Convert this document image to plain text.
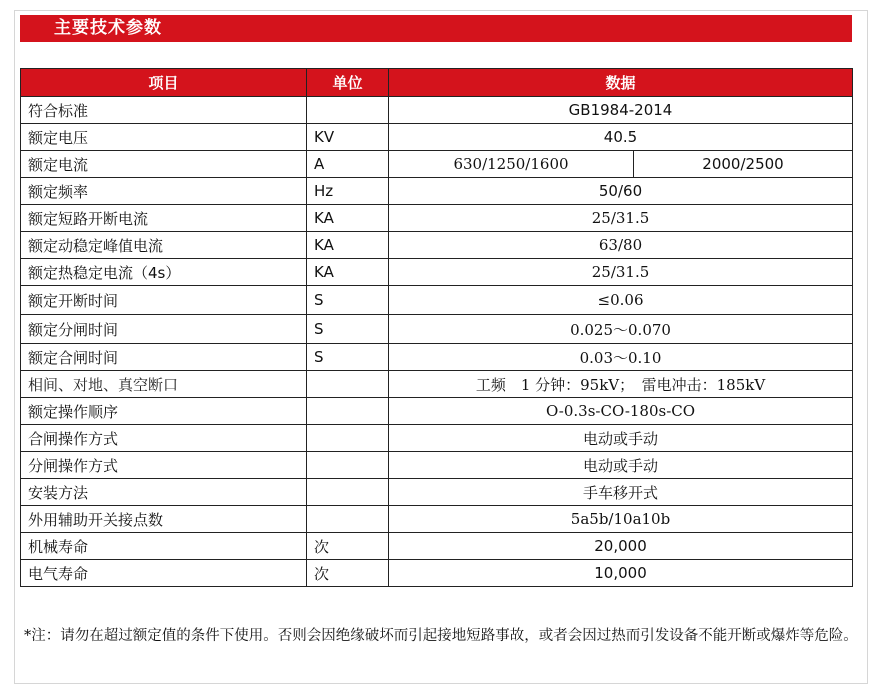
主要技术参数
项目	单位	数据	
符合标准		GB1984-2014	
额定电压	KV	40.5	
额定电流	A	630/1250/1600	2000/2500
额定频率	Hz	50/60	
额定短路开断电流	KA	25/31.5	
额定动稳定峰值电流	KA	63/80	
额定热稳定电流（4s）	KA	25/31.5	
额定开断时间	S	≤0.06	
额定分闸时间	S	0.025～0.070	
额定合闸时间	S	0.03～0.10	
相间、对地、真空断口		工频　1 分钟：95kV；　雷电冲击：185kV	
额定操作顺序		O-0.3s-CO-180s-CO	
合闸操作方式		电动或手动	
分闸操作方式		电动或手动	
安装方法		手车移开式	
外用辅助开关接点数		5a5b/10a10b	
机械寿命	次	20,000	
电气寿命	次	10,000	
*注：请勿在超过额定值的条件下使用。否则会因绝缘破坏而引起接地短路事故，或者会因过热而引发设备不能开断或爆炸等危险。
